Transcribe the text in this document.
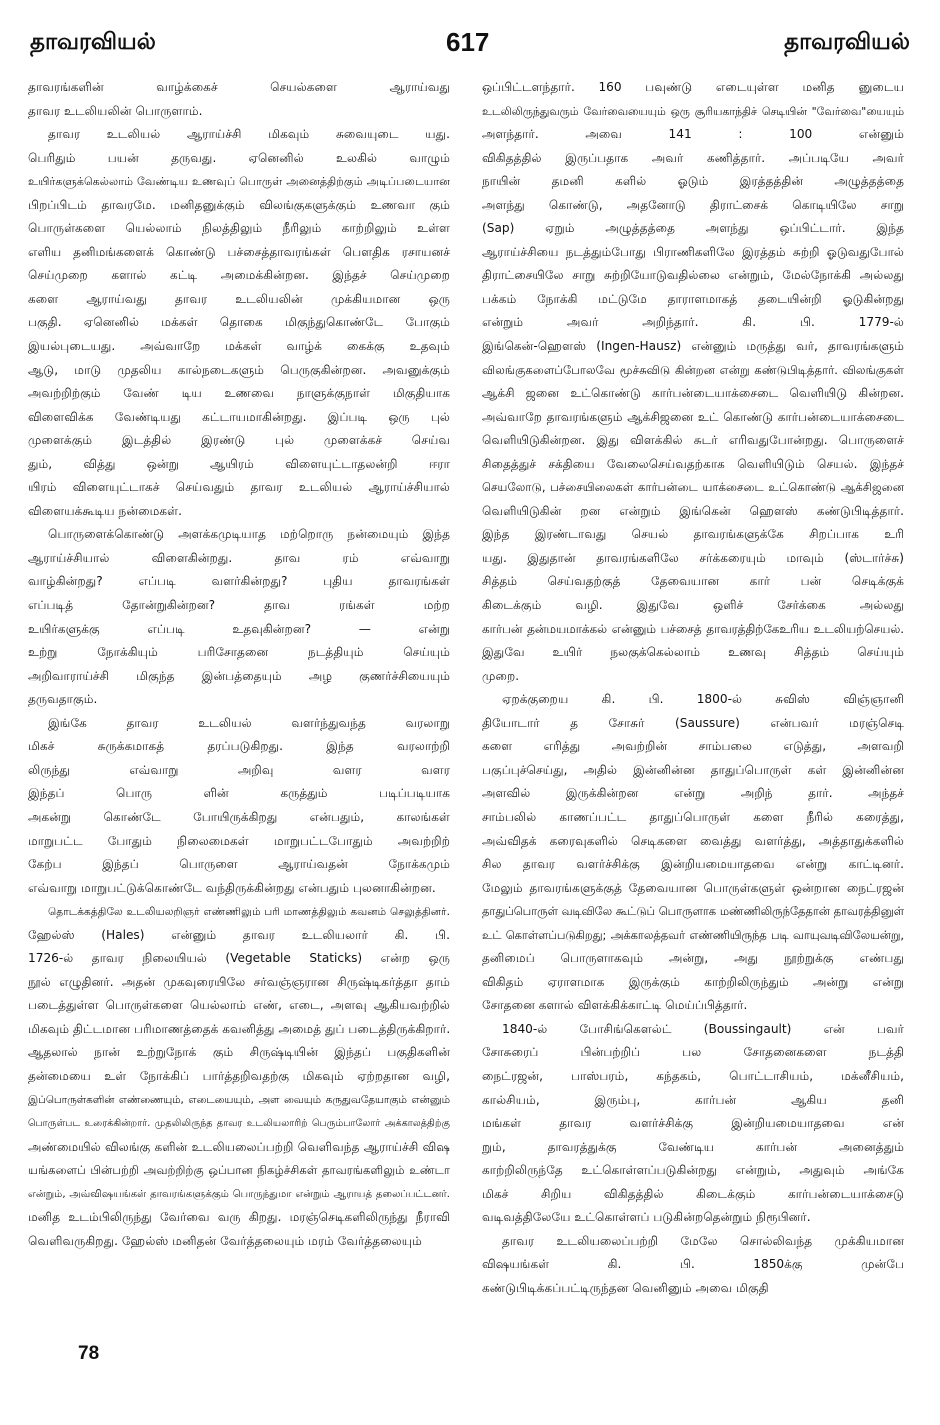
தாவரவியல்	617	தாவரவியல்

தாவரங்களின் வாழ்க்கைச் செயல்களை ஆராய்வது
தாவர உடலியலின் பொருளாம்.

தாவர உடலியல் ஆராய்ச்சி மிகவும் சுவையுடை யது.
பெரிதும் பயன் தருவது. ஏனெனில் உலகில் வாழும்
உயிர்களுக்கெல்லாம் வேண்டிய உணவுப் பொருள் அனைத்திற்கும் அடிப்படையான
பிறப்பிடம் தாவரமே. மனிதனுக்கும் விலங்குகளுக்கும் உணவா கும்
பொருள்களை யெல்லாம் நிலத்திலும் நீரிலும் காற்றிலும் உள்ள
எளிய தனிமங்களைக் கொண்டு பச்சைத்தாவரங்கள் பௌதிக ரசாயனச்
செய்முறை களால் கட்டி அமைக்கின்றன. இந்தச் செய்முறை
களை ஆராய்வது தாவர உடலியலின் முக்கியமான ஒரு
பகுதி. ஏனெனில் மக்கள் தொகை மிகுந்துகொண்டே போகும்
இயல்புடையது. அவ்வாறே மக்கள் வாழ்க் கைக்கு உதவும்
ஆடு, மாடு முதலிய கால்நடைகளும் பெருகுகின்றன. அவனுக்கும்
அவற்றிற்கும் வேண் டிய உணவை நாளுக்குநாள் மிகுதியாக
விளைவிக்க வேண்டியது கட்டாயமாகின்றது. இப்படி ஒரு புல்
முளைக்கும் இடத்தில் இரண்டு புல் முளைக்கச் செய்வ
தும், வித்து ஒன்று ஆயிரம் விளையுட்டாதலன்றி ஈரா
யிரம் விளையுட்டாகச் செய்வதும் தாவர உடலியல் ஆராய்ச்சியால்
விளையக்கூடிய நன்மைகள்.

பொருளைக்கொண்டு அளக்கமுடியாத மற்றொரு நன்மையும் இந்த
ஆராய்ச்சியால் விளைகின்றது. தாவ ரம் எவ்வாறு
வாழ்கின்றது? எப்படி வளர்கின்றது? புதிய தாவரங்கள்
எப்படித் தோன்றுகின்றன? தாவ ரங்கள் மற்ற
உயிர்களுக்கு எப்படி உதவுகின்றன? — என்று
உற்று நோக்கியும் பரிசோதனை நடத்தியும் செய்யும்
அறிவாராய்ச்சி மிகுந்த இன்பத்தையும் அழ குணர்ச்சியையும்
தருவதாகும்.

இங்கே தாவர உடலியல் வளர்ந்துவந்த வரலாறு
மிகச் சுருக்கமாகத் தரப்படுகிறது. இந்த வரலாற்றி
லிருந்து எவ்வாறு அறிவு வளர வளர
இந்தப் பொரு ளின் கருத்தும் படிப்படியாக
அகன்று கொண்டே போயிருக்கிறது என்பதும், காலங்கள்
மாறுபட்ட போதும் நிலைமைகள் மாறுபட்டபோதும் அவற்றிற்
கேற்ப இந்தப் பொருளை ஆராய்வதன் நோக்கமும்
எவ்வாறு மாறுபட்டுக்கொண்டே வந்திருக்கின்றது என்பதும் புலனாகின்றன.

தொடக்கத்திலே உடலியலறிஞர் எண்ணிலும் பரி மாணத்திலும் கவனம் செலுத்தினர்.
ஹேல்ஸ் (Hales) என்னும் தாவர உடலியலார் கி. பி.
1726-ல் தாவர நிலையியல் (Vegetable Staticks) என்ற ஒரு
நூல் எழுதினர். அதன் முகவுரையிலே சர்வஞ்ஞரான சிருஷ்டிகர்த்தா தாம்
படைத்துள்ள பொருள்களை யெல்லாம் எண், எடை, அளவு ஆகியவற்றில்
மிகவும் திட்டமான பரிமாணத்தைக் கவனித்து அமைத் துப் படைத்திருக்கிறார்.
ஆதலால் நான் உற்றுநோக் கும் சிருஷ்டியின் இந்தப் பகுதிகளின்
தன்மையை உள் நோக்கிப் பார்த்தறிவதற்கு மிகவும் ஏற்றதான வழி,
இப்பொருள்களின் எண்ணையும், எடையையும், அள வையும் கருதுவதேயாகும் என்னும்
பொருள்பட உரைக்கின்றார். முதலிலிருந்த தாவர உடலியலாரிற் பெரும்பாலோர் அக்காலத்திற்கு
அண்மையில் விலங்கு களின் உடலியலைப்பற்றி வெளிவந்த ஆராய்ச்சி விஷ
யங்களைப் பின்பற்றி அவற்றிற்கு ஒப்பான நிகழ்ச்சிகள் தாவரங்களிலும் உண்டா
என்றும், அவ்விஷயங்கள் தாவரங்களுக்கும் பொருந்துமா என்றும் ஆராயத் தலைப்பட்டனர்.
மனித உடம்பிலிருந்து வேர்வை வரு கிறது. மரஞ்செடிகளிலிருந்து நீராவி
வெளிவருகிறது. ஹேல்ஸ் மனிதன் வேர்த்தலையும் மரம் வேர்த்தலையும்

ஒப்பிட்டளந்தார். 160 பவுண்டு எடையுள்ள மனித னுடைய
உடலிலிருந்துவரும் வேர்வையையும் ஒரு சூரியகாந்திச் செடியின் "வேர்வை"யையும்
அளந்தார். அவை 141 : 100 என்னும்
விகிதத்தில் இருப்பதாக அவர் கணித்தார். அப்படியே அவர்
நாயின் தமனி களில் ஓடும் இரத்தத்தின் அழுத்தத்தை
அளந்து கொண்டு, அதனோடு திராட்சைக் கொடியிலே சாறு
(Sap) ஏறும் அழுத்தத்தை அளந்து ஒப்பிட்டார். இந்த
ஆராய்ச்சியை நடத்தும்போது பிராணிகளிலே இரத்தம் சுற்றி ஓடுவதுபோல்
திராட்சையிலே சாறு சுற்றியோடுவதில்லை என்றும், மேல்நோக்கி அல்லது
பக்கம் நோக்கி மட்டுமே தாராளமாகத் தடையின்றி ஓடுகின்றது
என்றும் அவர் அறிந்தார். கி. பி. 1779-ல்
இங்கென்-ஹௌஸ் (Ingen-Hausz) என்னும் மருத்து வர், தாவரங்களும்
விலங்குகளைப்போலவே மூச்சுவிடு கின்றன என்று கண்டுபிடித்தார். விலங்குகள்
ஆக்சி ஜனை உட்கொண்டு கார்பன்டையாக்சைடை வெளியிடு கின்றன.
அவ்வாறே தாவரங்களும் ஆக்சிஜனை உட் கொண்டு கார்பன்டையாக்சைடை
வெளியிடுகின்றன. இது விளக்கில் சுடர் எரிவதுபோன்றது. பொருளைச்
சிதைத்துச் சக்தியை வேலைசெய்வதற்காக வெளியிடும் செயல். இந்தச்
செயலோடு, பச்சையிலைகள் கார்பன்டை யாக்சைடை உட்கொண்டு ஆக்சிஜனை
வெளியிடுகின் றன என்றும் இங்கென் ஹௌஸ் கண்டுபிடித்தார்.
இந்த இரண்டாவது செயல் தாவரங்களுக்கே சிறப்பாக உரி
யது. இதுதான் தாவரங்களிலே சர்க்கரையும் மாவும் (ஸ்டார்ச்சு)
சித்தம் செய்வதற்குத் தேவையான கார் பன் செடிக்குக்
கிடைக்கும் வழி. இதுவே ஒளிச் சேர்க்கை அல்லது
கார்பன் தன்மயமாக்கல் என்னும் பச்சைத் தாவரத்திற்கேஉரிய உடலியற்செயல்.
இதுவே உயிர் நலகுக்கெல்லாம் உணவு சித்தம் செய்யும்
முறை.

ஏறக்குறைய கி. பி. 1800-ல் சுவிஸ் விஞ்ஞானி
தியோடார் த சோசுர் (Saussure) என்பவர் மரஞ்செடி
களை எரித்து அவற்றின் சாம்பலை எடுத்து, அளவறி
பகுப்புச்செய்து, அதில் இன்னின்ன தாதுப்பொருள் கள் இன்னின்ன
அளவில் இருக்கின்றன என்று அறிந் தார். அந்தச்
சாம்பலில் காணப்பட்ட தாதுப்பொருள் களை நீரில் கரைத்து,
அவ்விதக் கரைவுகளில் செடிகளை வைத்து வளர்த்து, அத்தாதுக்களில்
சில தாவர வளர்ச்சிக்கு இன்றியமையாதவை என்று காட்டினர்.
மேலும் தாவரங்களுக்குத் தேவையான பொருள்களுள் ஒன்றான நைட்ரஜன்
தாதுப்பொருள் வடிவிலே கூட்டுப் பொருளாக மண்ணிலிருந்தேதான் தாவரத்தினுள்
உட் கொள்ளப்படுகிறது; அக்காலத்தவர் எண்ணியிருந்த படி வாயுவடிவிலேயன்று,
தனிமைப் பொருளாகவும் அன்று, அது நூற்றுக்கு எண்பது
விகிதம் ஏராளமாக இருக்கும் காற்றிலிருந்தும் அன்று என்று
சோதனை களால் விளக்கிக்காட்டி மெய்ப்பித்தார்.

1840-ல் போசிங்கௌல்ட் (Boussingault) என் பவர்
சோசுரைப் பின்பற்றிப் பல சோதனைகளை நடத்தி
நைட்ரஜன், பாஸ்பரம், கந்தகம், பொட்டாசியம், மக்னீசியம்,
கால்சியம், இரும்பு, கார்பன் ஆகிய தனி
மங்கள் தாவர வளர்ச்சிக்கு இன்றியமையாதவை என்
றும், தாவரத்துக்கு வேண்டிய கார்பன் அனைத்தும்
காற்றிலிருந்தே உட்கொள்ளப்படுகின்றது என்றும், அதுவும் அங்கே
மிகச் சிறிய விகிதத்தில் கிடைக்கும் கார்பன்டையாக்சைடு
வடிவத்திலேயே உட்கொள்ளப் படுகின்றதென்றும் நிரூபினர்.

தாவர உடலியலைப்பற்றி மேலே சொல்லிவந்த முக்கியமான
விஷயங்கள் கி. பி. 1850க்கு முன்பே
கண்டுபிடிக்கப்பட்டிருந்தன வெனினும் அவை மிகுதி

78
